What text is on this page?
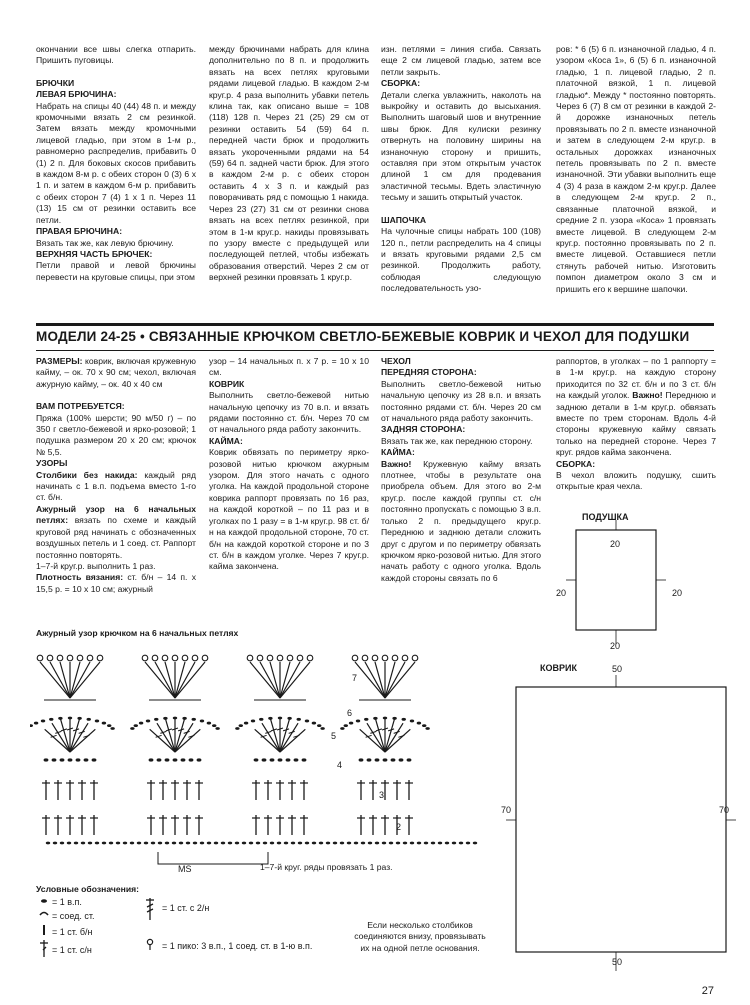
окончании все швы слегка отпарить. Пришить пуговицы.

БРЮЧКИ

ЛЕВАЯ БРЮЧИНА:

Набрать на спицы 40 (44) 48 п. и между кромочными вязать 2 см резинкой. Затем вязать между кромочными лицевой гладью, при этом в 1-м р., равномерно распределив, прибавить 0 (1) 2 п. Для боковых скосов прибавить в каждом 8-м р. с обеих сторон 0 (3) 6 х 1 п. и затем в каждом 6-м р. прибавить с обеих сторон 7 (4) 1 х 1 п. Через 11 (13) 15 см от резинки оставить все петли.

ПРАВАЯ БРЮЧИНА:

Вязать так же, как левую брючину.

ВЕРХНЯЯ ЧАСТЬ БРЮЧЕК:

Петли правой и левой брючины перевести на круговые спицы, при этом

между брючинами набрать для клина дополнительно по 8 п. и продолжить вязать на всех петлях круговыми рядами лицевой гладью. В каждом 2-м круг.р. 4 раза выполнить убавки петель клина так, как описано выше = 108 (118) 128 п. Через 21 (25) 29 см от резинки оставить 54 (59) 64 п. передней части брюк и продолжить вязать укороченными рядами на 54 (59) 64 п. задней части брюк. Для этого в каждом 2-м р. с обеих сторон оставить 4 х 3 п. и каждый раз поворачивать ряд с помощью 1 накида. Через 23 (27) 31 см от резинки снова вязать на всех петлях резинкой, при этом в 1-м круг.р. накиды провязывать по узору вместе с предыдущей или последующей петлей, чтобы избежать образования отверстий. Через 2 см от верхней резинки провязать 1 круг.р.

изн. петлями = линия сгиба. Связать еще 2 см лицевой гладью, затем все петли закрыть.

СБОРКА:

Детали слегка увлажнить, наколоть на выкройку и оставить до высыхания. Выполнить шаговый шов и внутренние швы брюк. Для кулиски резинку отвернуть на половину ширины на изнаночную сторону и пришить, оставляя при этом открытым участок длиной 1 см для продевания эластичной тесьмы. Вдеть эластичную тесьму и зашить открытый участок.

ШАПОЧКА

На чулочные спицы набрать 100 (108) 120 п., петли распределить на 4 спицы и вязать круговыми рядами 2,5 см резинкой. Продолжить работу, соблюдая следующую последовательность узо-

ров: * 6 (5) 6 п. изнаночной гладью, 4 п. узором «Коса 1», 6 (5) 6 п. изнаночной гладью, 1 п. лицевой гладью, 2 п. платочной вязкой, 1 п. лицевой гладью*. Между * постоянно повторять. Через 6 (7) 8 см от резинки в каждой 2-й дорожке изнаночных петель провязывать по 2 п. вместе изнаночной и затем в следующем 2-м круг.р. в остальных дорожках изнаночных петель провязывать по 2 п. вместе изнаночной. Эти убавки выполнить еще 4 (3) 4 раза в каждом 2-м круг.р. Далее в следующем 2-м круг.р. 2 п., связанные платочной вязкой, и средние 2 п. узора «Коса» 1 провязать вместе лицевой. В следующем 2-м круг.р. постоянно провязывать по 2 п. вместе лицевой. Оставшиеся петли стянуть рабочей нитью. Изготовить помпон диаметром около 3 см и пришить его к вершине шапочки.

МОДЕЛИ 24-25 • СВЯЗАННЫЕ КРЮЧКОМ СВЕТЛО-БЕЖЕВЫЕ КОВРИК И ЧЕХОЛ ДЛЯ ПОДУШКИ

РАЗМЕРЫ: коврик, включая кружевную кайму, – ок. 70 x 90 см; чехол, включая ажурную кайму, – ок. 40 x 40 см

ВАМ ПОТРЕБУЕТСЯ:

Пряжа (100% шерсти; 90 м/50 г) – по 350 г светло-бежевой и ярко-розовой; 1 подушка размером 20 x 20 см; крючок № 5,5.

УЗОРЫ

Столбики без накида: каждый ряд начинать с 1 в.п. подъема вместо 1-го ст. б/н.

Ажурный узор на 6 начальных петлях: вязать по схеме и каждый круговой ряд начинать с обозначенных воздушных петель и 1 соед. ст. Раппорт постоянно повторять.

1–7-й круг.р. выполнить 1 раз.

Плотность вязания: ст. б/н – 14 п. x 15,5 р. = 10 x 10 см; ажурный

узор – 14 начальных п. x 7 р. = 10 x 10 см.

КОВРИК

Выполнить светло-бежевой нитью начальную цепочку из 70 в.п. и вязать рядами постоянно ст. б/н. Через 70 см от начального ряда работу закончить.

КАЙМА:

Коврик обвязать по периметру ярко-розовой нитью крючком ажурным узором. Для этого начать с одного уголка. На каждой продольной стороне коврика раппорт провязать по 16 раз, на каждой короткой – по 11 раз и в уголках по 1 разу = в 1-м круг.р. 98 ст. б/н на каждой продольной стороне, 70 ст. б/н на каждой короткой стороне и по 3 ст. б/н в каждом уголке. Через 7 круг.р. кайма закончена.

ЧЕХОЛ

ПЕРЕДНЯЯ СТОРОНА:

Выполнить светло-бежевой нитью начальную цепочку из 28 в.п. и вязать постоянно рядами ст. б/н. Через 20 см от начального ряда работу закончить.

ЗАДНЯЯ СТОРОНА:

Вязать так же, как переднюю сторону.

КАЙМА:

Важно! Кружевную кайму вязать плотнее, чтобы в результате она приобрела объем. Для этого во 2-м круг.р. после каждой группы ст. с/н постоянно пропускать с помощью 3 в.п. только 2 п. предыдущего круг.р. Переднюю и заднюю детали сложить друг с другом и по периметру обвязать крючком ярко-розовой нитью. Для этого начать работу с одного уголка. Вдоль каждой стороны связать по 6

раппортов, в уголках – по 1 раппорту = в 1-м круг.р. на каждую сторону приходится по 32 ст. б/н и по 3 ст. б/н на каждый уголок. Важно! Переднюю и заднюю детали в 1-м круг.р. обвязать вместе по трем сторонам. Вдоль 4-й стороны кружевную кайму связать только на передней стороне. Через 7 круг. рядов кайма закончена.

СБОРКА:

В чехол вложить подушку, сшить открытые края чехла.

ПОДУШКА
20
20	20
20
КОВРИК	50
70	70
50
Ажурный узор крючком на 6 начальных петлях
7
6
5
4
3
2
MS	1–7-й круг. ряды провязать 1 раз.
Условные обозначения:
= 1 в.п.
= соед. ст.
= 1 ст. б/н
= 1 ст. с/н
= 1 ст. с 2/н
= 1 пико: 3 в.п., 1 соед. ст. в 1-ю в.п.
Если несколько столбиков соединяются внизу, провязывать их на одной петле основания.
27
